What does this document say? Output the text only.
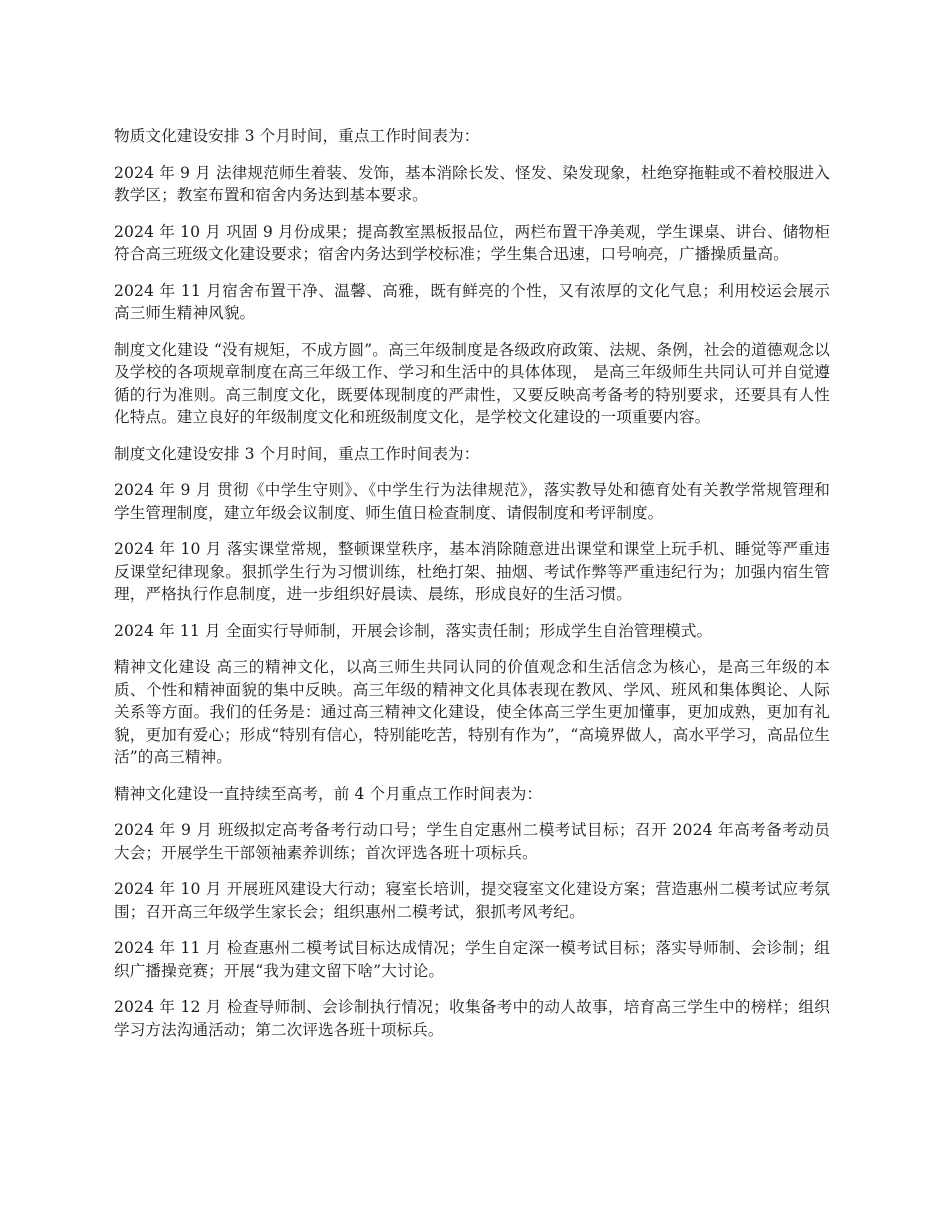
物质文化建设安排 3 个月时间，重点工作时间表为：

2024 年 9 月 法律规范师生着装、发饰，基本消除长发、怪发、染发现象，杜绝穿拖鞋或不着校服进入教学区；教室布置和宿舍内务达到基本要求。

2024 年 10 月 巩固 9 月份成果；提高教室黑板报品位，两栏布置干净美观，学生课桌、讲台、储物柜符合高三班级文化建设要求；宿舍内务达到学校标准；学生集合迅速，口号响亮，广播操质量高。

2024 年 11 月宿舍布置干净、温馨、高雅，既有鲜亮的个性，又有浓厚的文化气息；利用校运会展示高三师生精神风貌。

制度文化建设 “没有规矩，不成方圆”。高三年级制度是各级政府政策、法规、条例，社会的道德观念以及学校的各项规章制度在高三年级工作、学习和生活中的具体体现， 是高三年级师生共同认可并自觉遵循的行为准则。高三制度文化，既要体现制度的严肃性，又要反映高考备考的特别要求，还要具有人性化特点。建立良好的年级制度文化和班级制度文化，是学校文化建设的一项重要内容。

制度文化建设安排 3 个月时间，重点工作时间表为：

2024 年 9 月 贯彻《中学生守则》、《中学生行为法律规范》，落实教导处和德育处有关教学常规管理和学生管理制度，建立年级会议制度、师生值日检查制度、请假制度和考评制度。

2024 年 10 月 落实课堂常规，整顿课堂秩序，基本消除随意进出课堂和课堂上玩手机、睡觉等严重违反课堂纪律现象。狠抓学生行为习惯训练，杜绝打架、抽烟、考试作弊等严重违纪行为；加强内宿生管理，严格执行作息制度，进一步组织好晨读、晨练，形成良好的生活习惯。

2024 年 11 月 全面实行导师制，开展会诊制，落实责任制；形成学生自治管理模式。

精神文化建设 高三的精神文化，以高三师生共同认同的价值观念和生活信念为核心，是高三年级的本质、个性和精神面貌的集中反映。高三年级的精神文化具体表现在教风、学风、班风和集体舆论、人际关系等方面。我们的任务是：通过高三精神文化建设，使全体高三学生更加懂事，更加成熟，更加有礼貌，更加有爱心；形成“特别有信心，特别能吃苦，特别有作为”，“高境界做人，高水平学习，高品位生活”的高三精神。

精神文化建设一直持续至高考，前 4 个月重点工作时间表为：

2024 年 9 月 班级拟定高考备考行动口号；学生自定惠州二模考试目标；召开 2024 年高考备考动员大会；开展学生干部领袖素养训练；首次评选各班十项标兵。

2024 年 10 月 开展班风建设大行动；寝室长培训，提交寝室文化建设方案；营造惠州二模考试应考氛围；召开高三年级学生家长会；组织惠州二模考试，狠抓考风考纪。

2024 年 11 月 检查惠州二模考试目标达成情况；学生自定深一模考试目标；落实导师制、会诊制；组织广播操竞赛；开展“我为建文留下啥”大讨论。

2024 年 12 月 检查导师制、会诊制执行情况；收集备考中的动人故事，培育高三学生中的榜样；组织学习方法沟通活动；第二次评选各班十项标兵。
